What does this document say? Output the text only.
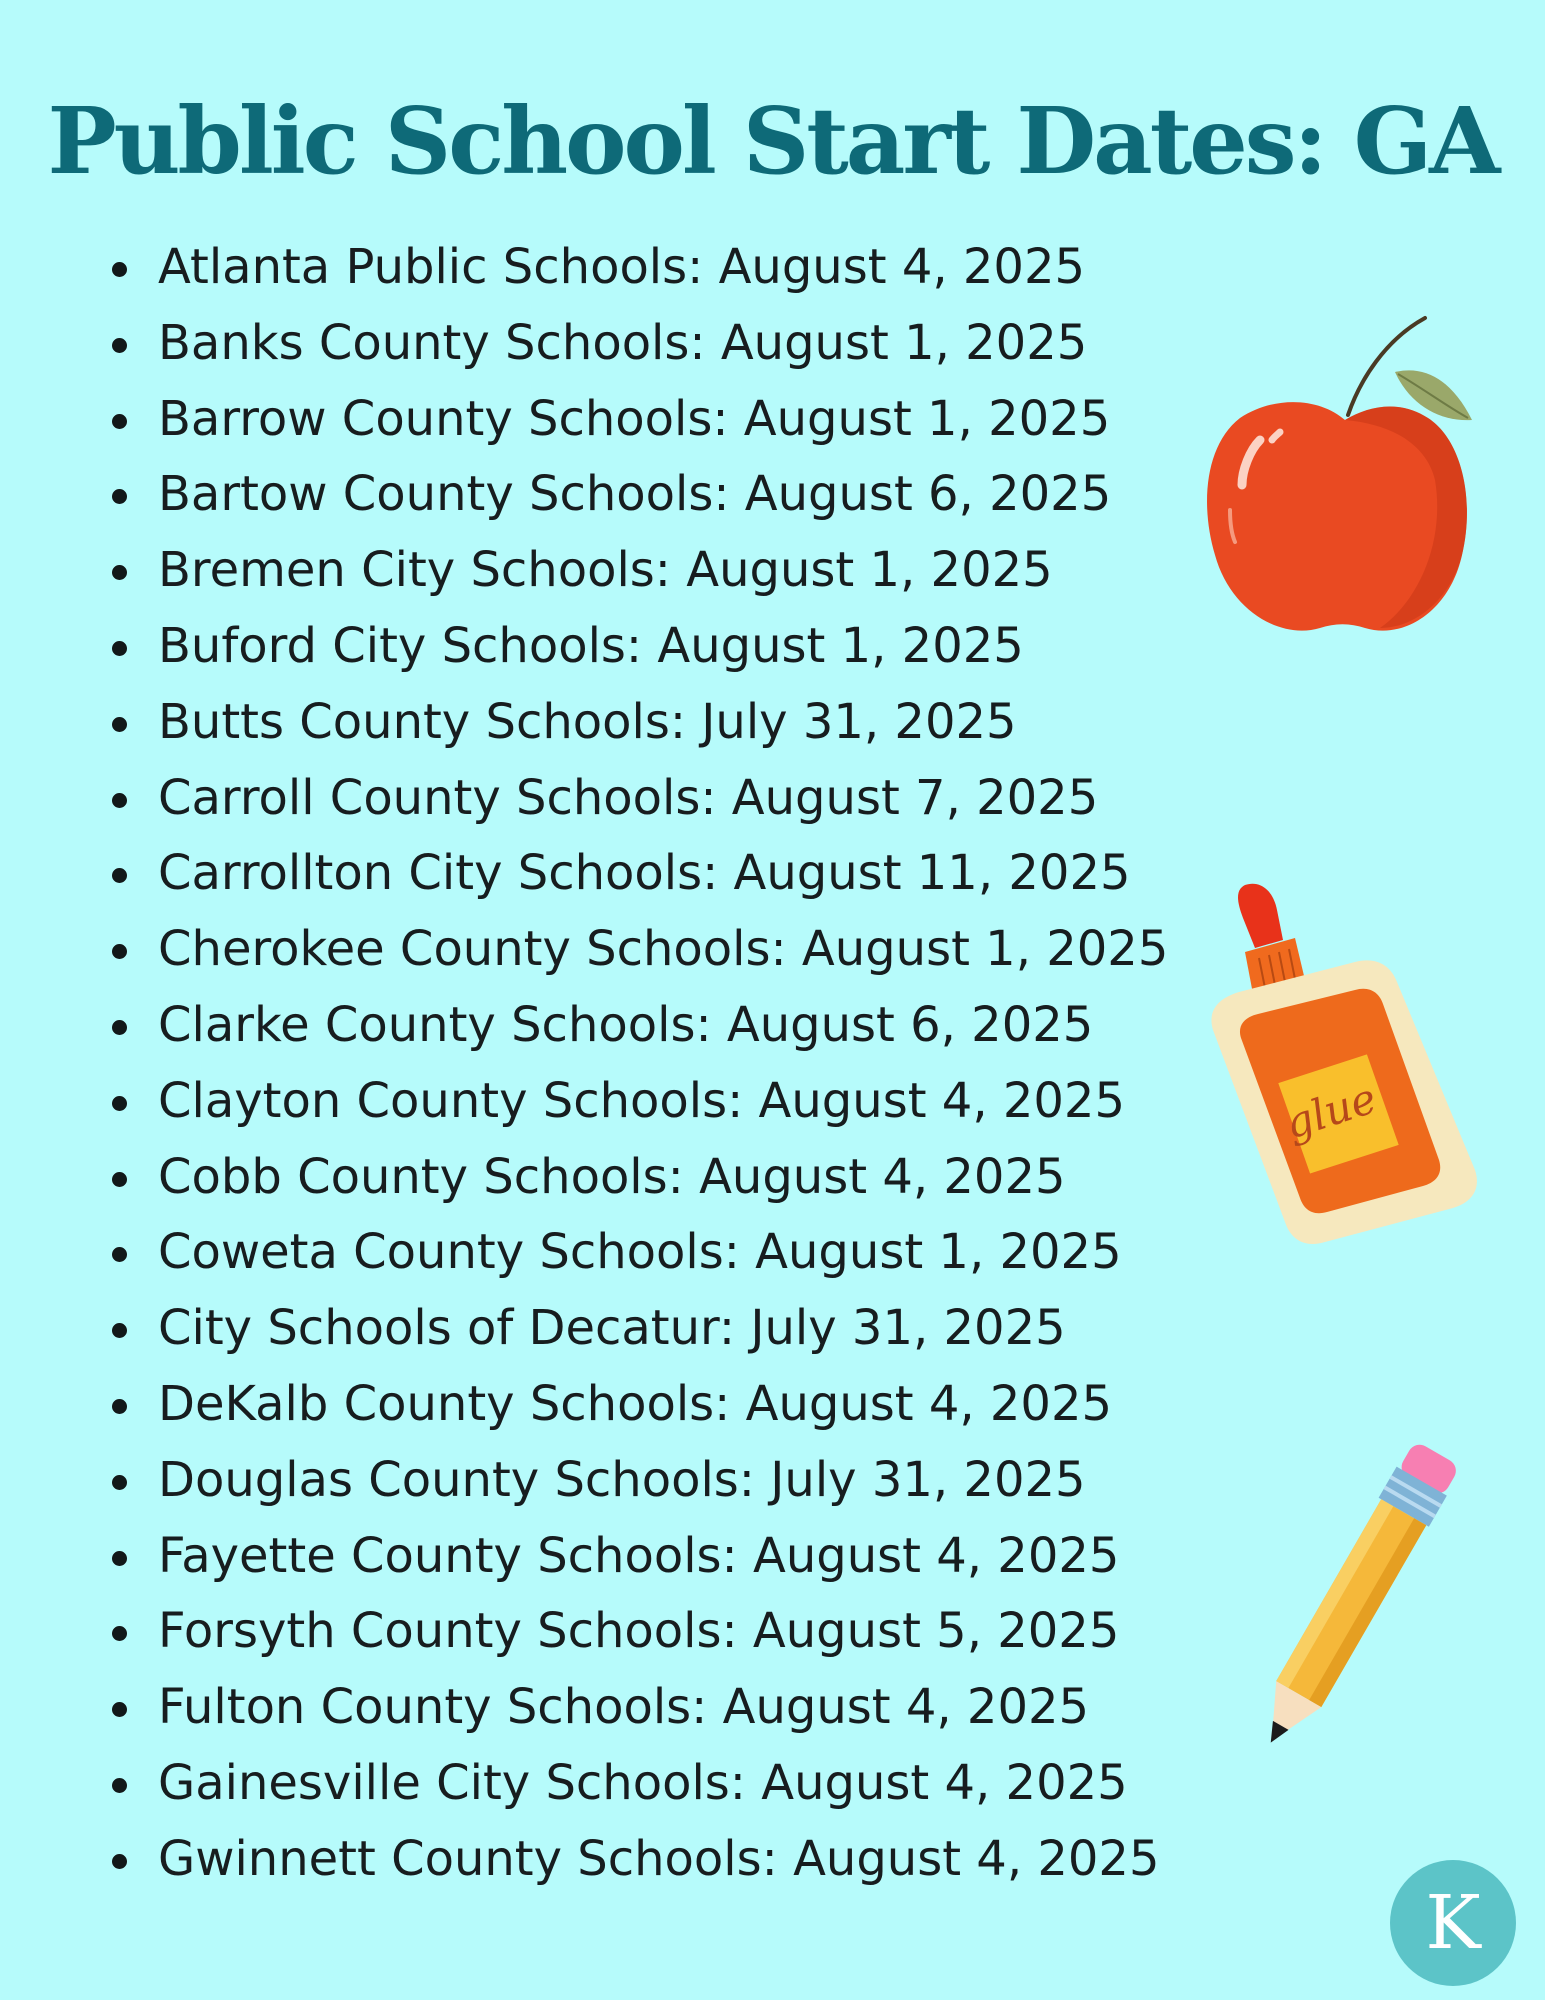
Public School Start Dates: GA
Atlanta Public Schools: August 4, 2025
Banks County Schools: August 1, 2025
Barrow County Schools: August 1, 2025
Bartow County Schools: August 6, 2025
Bremen City Schools: August 1, 2025
Buford City Schools: August 1, 2025
Butts County Schools: July 31, 2025
Carroll County Schools: August 7, 2025
Carrollton City Schools: August 11, 2025
Cherokee County Schools: August 1, 2025
Clarke County Schools: August 6, 2025
Clayton County Schools: August 4, 2025
Cobb County Schools: August 4, 2025
Coweta County Schools: August 1, 2025
City Schools of Decatur: July 31, 2025
DeKalb County Schools: August 4, 2025
Douglas County Schools: July 31, 2025
Fayette County Schools: August 4, 2025
Forsyth County Schools: August 5, 2025
Fulton County Schools: August 4, 2025
Gainesville City Schools: August 4, 2025
Gwinnett County Schools: August 4, 2025
glue
K
